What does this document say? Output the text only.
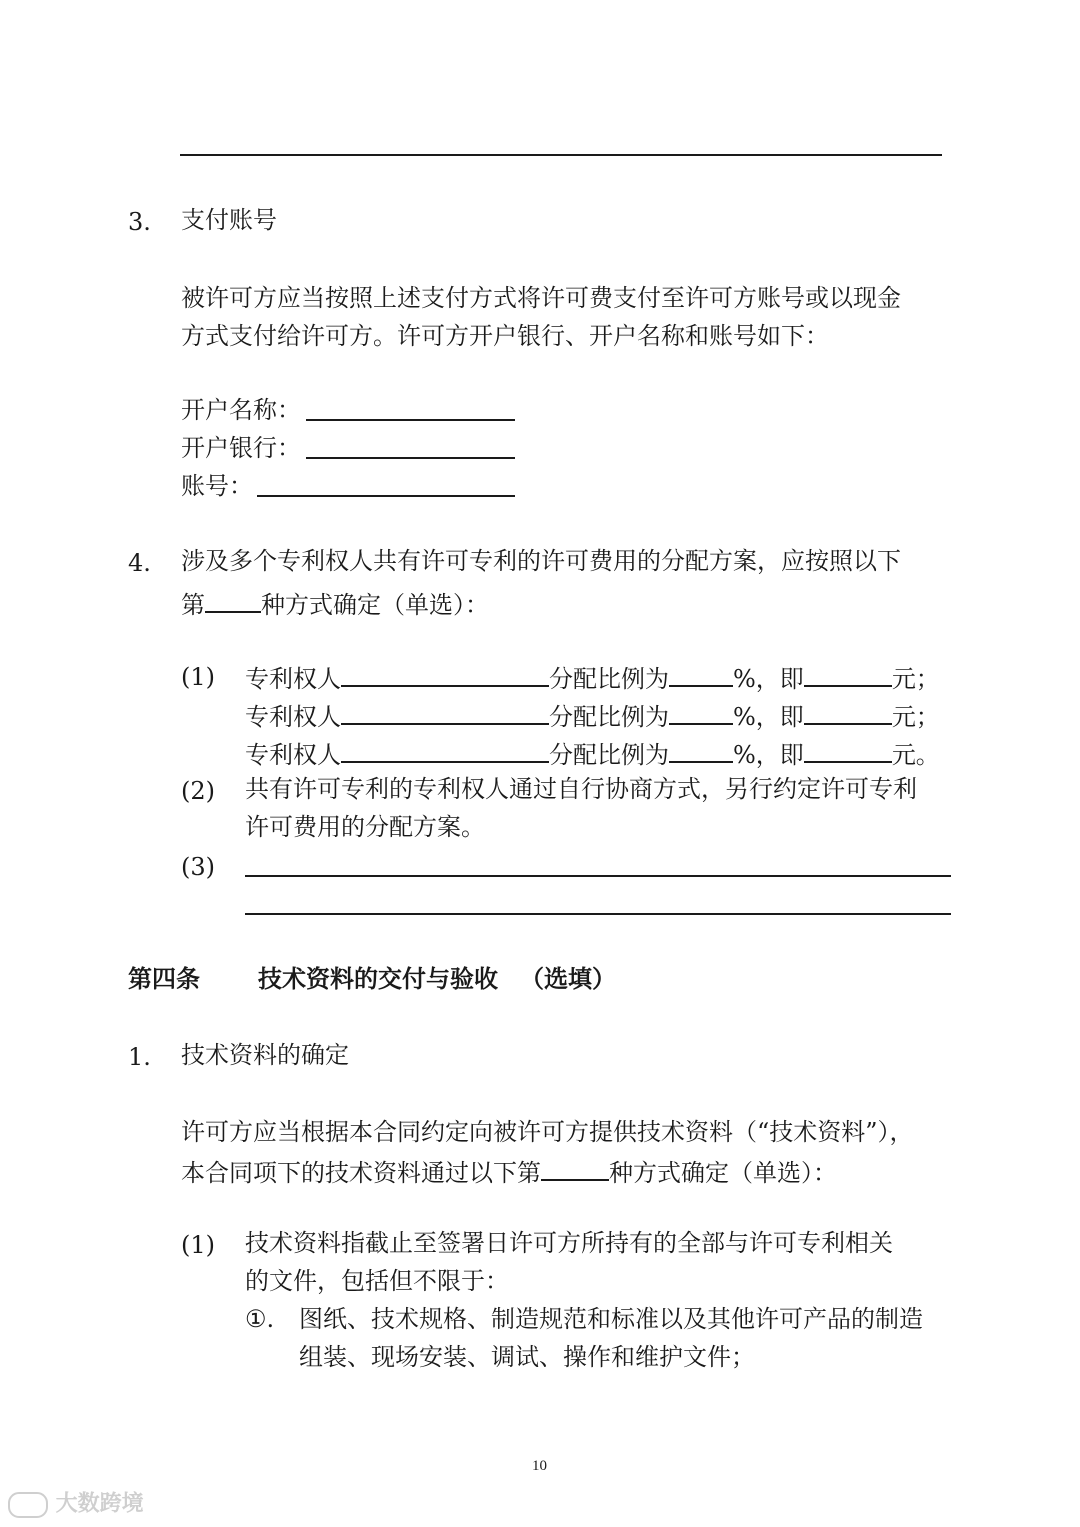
3. 支付账号
被许可方应当按照上述支付方式将许可费支付至许可方账号或以现金
方式支付给许可方。许可方开户银行、开户名称和账号如下：
开户名称：
开户银行：
账号：
4. 涉及多个专利权人共有许可专利的许可费用的分配方案，应按照以下
第 种方式确定（单选）：
(1) 专利权人	分配比例为	%，即	元；
专利权人	分配比例为	%，即	元；
专利权人	分配比例为	%，即	元。
(2) 共有许可专利的专利权人通过自行协商方式，另行约定许可专利
许可费用的分配方案。
(3)
第四条 技术资料的交付与验收 （选填）
1. 技术资料的确定
许可方应当根据本合同约定向被许可方提供技术资料（“技术资料”），
本合同项下的技术资料通过以下第	种方式确定（单选）：
(1) 技术资料指截止至签署日许可方所持有的全部与许可专利相关
的文件，包括但不限于：
①. 图纸、技术规格、制造规范和标准以及其他许可产品的制造
组装、现场安装、调试、操作和维护文件；
10
大数跨境
